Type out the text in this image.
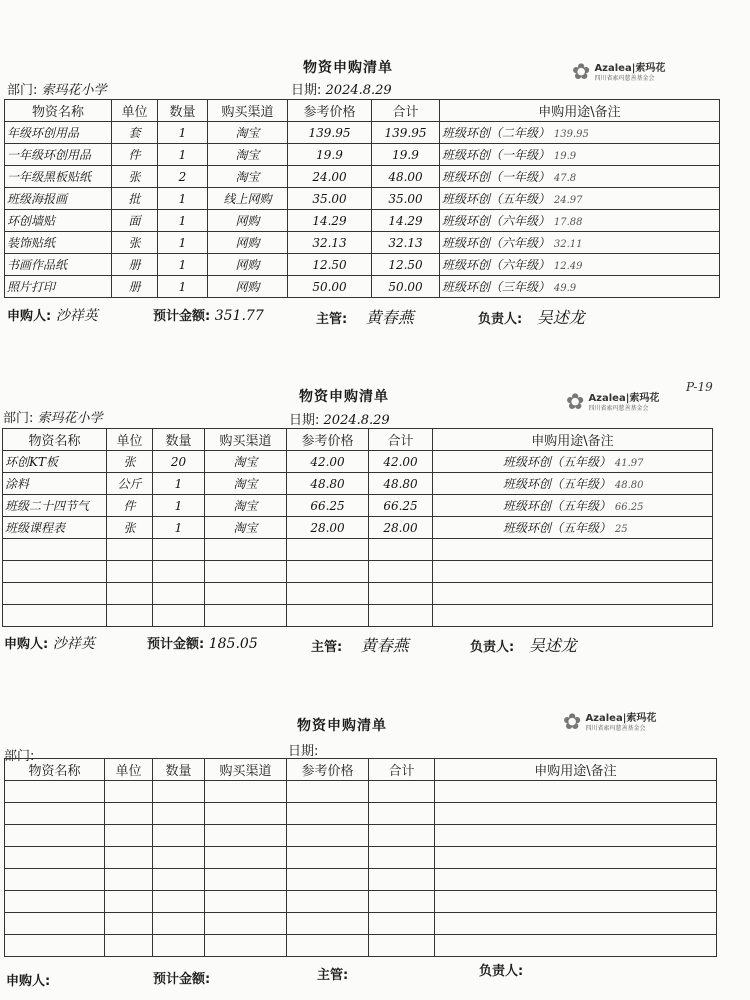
物资申购清单	✿ Azalea|索玛花
四川省索玛慈善基金会
部门: 索玛花小学	日期: 2024.8.29
物资名称	单位	数量	购买渠道	参考价格	合计	申购用途\备注
年级环创用品	套	1	淘宝	139.95	139.95	班级环创（二年级） 139.95
一年级环创用品	件	1	淘宝	19.9	19.9	班级环创（一年级） 19.9
一年级黑板贴纸	张	2	淘宝	24.00	48.00	班级环创（一年级） 47.8
班级海报画	批	1	线上网购	35.00	35.00	班级环创（五年级） 24.97
环创墙贴	面	1	网购	14.29	14.29	班级环创（六年级） 17.88
装饰贴纸	张	1	网购	32.13	32.13	班级环创（六年级） 32.11
书画作品纸	册	1	网购	12.50	12.50	班级环创（六年级） 12.49
照片打印	册	1	网购	50.00	50.00	班级环创（三年级） 49.9
申购人: 沙祥英	预计金额: 351.77	主管: 黄春燕	负责人: 吴述龙
物资申购清单	✿ Azalea|索玛花
四川省索玛慈善基金会
P-19
部门: 索玛花小学	日期: 2024.8.29
物资名称	单位	数量	购买渠道	参考价格	合计	申购用途\备注
环创KT板	张	20	淘宝	42.00	42.00	班级环创（五年级） 41.97
涂料	公斤	1	淘宝	48.80	48.80	班级环创（五年级） 48.80
班级二十四节气	件	1	淘宝	66.25	66.25	班级环创（五年级） 66.25
班级课程表	张	1	淘宝	28.00	28.00	班级环创（五年级） 25

申购人: 沙祥英	预计金额: 185.05	主管: 黄春燕	负责人: 吴述龙
物资申购清单	✿ Azalea|索玛花
四川省索玛慈善基金会
部门:	日期:
物资名称	单位	数量	购买渠道	参考价格	合计	申购用途\备注

申购人:	预计金额:	主管:	负责人:
